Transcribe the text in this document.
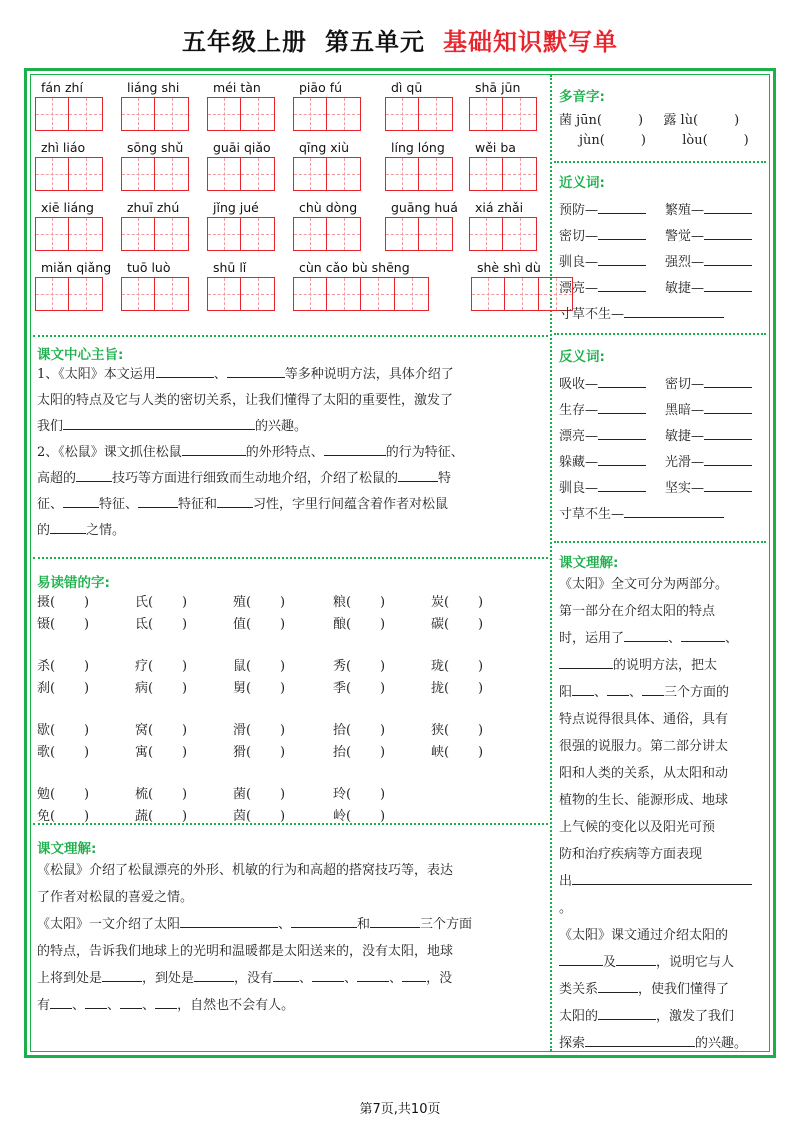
五年级上册 第五单元 基础知识默写单
fán zhí	liáng shi	méi tàn	piāo fú	dì qū	shā jūn
zhì liáo	sōng shǔ	guāi qiǎo	qīng xiù	líng lóng	wěi ba
xiē liáng	zhuī zhú	jǐng jué	chù dòng	guāng huá	xiá zhǎi
miǎn qiǎng	tuō luò	shū lǐ	cùn cǎo bù shēng	shè shì dù
课文中心主旨:
1、《太阳》本文运用	、	等多种说明方法，具体介绍了
太阳的特点及它与人类的密切关系，让我们懂得了太阳的重要性，激发了
我们	的兴趣。
2、《松鼠》课文抓住松鼠	的外形特点、	的行为特征、
高超的	技巧等方面进行细致而生动地介绍，介绍了松鼠的	特
征、	特征、	特征和	习性，字里行间蕴含着作者对松鼠
的	之情。
易读错的字:
摄(       )	氏(       )	殖(       )	粮(       )	炭(       )
镊(       )	氐(       )	值(       )	酿(       )	碳(       )
杀(       )	疗(       )	鼠(       )	秀(       )	珑(       )
刹(       )	病(       )	舅(       )	季(       )	拢(       )
歇(       )	窝(       )	滑(       )	拾(       )	狭(       )
歌(       )	寓(       )	猾(       )	抬(       )	峡(       )
勉(       )	梳(       )	菌(       )	玲(       )
免(       )	蔬(       )	茵(       )	岭(       )
课文理解:
《松鼠》介绍了松鼠漂亮的外形、机敏的行为和高超的搭窝技巧等，表达
了作者对松鼠的喜爱之情。
《太阳》一文介绍了太阳	、	和	三个方面
的特点，告诉我们地球上的光明和温暖都是太阳送来的，没有太阳，地球
上将到处是	，到处是	，没有 、 、 、 ，没
有 、 、 、 ，自然也不会有人。
多音字:
菌 jūn(	) 露 lù(	)
jùn(	)	lòu(	)
近义词:
预防—	繁殖—
密切—	警觉—
驯良—	强烈—
漂亮—	敏捷—
寸草不生—
反义词:
吸收—	密切—
生存—	黑暗—
漂亮—	敏捷—
躲藏—	光滑—
驯良—	坚实—
寸草不生—
课文理解:
《太阳》全文可分为两部分。
第一部分在介绍太阳的特点
时，运用了	、	、
的说明方法，把太
阳 、 、 三个方面的
特点说得很具体、通俗，具有
很强的说服力。第二部分讲太
阳和人类的关系，从太阳和动
植物的生长、能源形成、地球
上气候的变化以及阳光可预
防和治疗疾病等方面表现
出
。
《太阳》课文通过介绍太阳的
及	，说明它与人
类关系	，使我们懂得了
太阳的	，激发了我们
探索	的兴趣。
第7页,共10页
